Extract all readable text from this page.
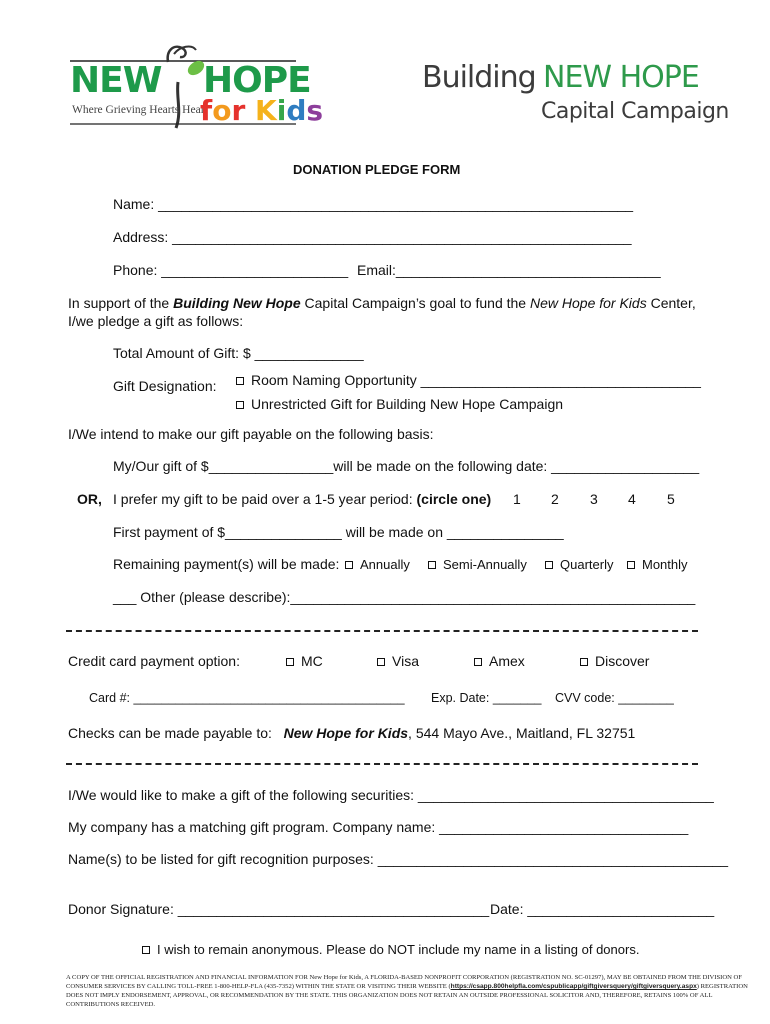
NEW HOPE
Where Grieving Hearts Heal
for Kids
Building NEW HOPE
Capital Campaign
DONATION PLEDGE FORM
Name: _____________________________________________________________
Address: ___________________________________________________________
Phone: ________________________ Email:__________________________________
In support of the Building New Hope Capital Campaign’s goal to fund the New Hope for Kids Center,
I/we pledge a gift as follows:
Total Amount of Gift: $ ______________
Gift Designation:	Room Naming Opportunity ____________________________________
Unrestricted Gift for Building New Hope Campaign
I/We intend to make our gift payable on the following basis:
My/Our gift of $________________will be made on the following date: ___________________
OR, I prefer my gift to be paid over a 1-5 year period: (circle one) 1 2 3 4 5
First payment of $_______________ will be made on _______________
Remaining payment(s) will be made:	Annually	Semi-Annually	Quarterly	Monthly
___ Other (please describe):____________________________________________________
Credit card payment option:	MC	Visa	Amex	Discover
Card #: _______________________________________ Exp. Date: _______ CVV code: ________
Checks can be made payable to: New Hope for Kids, 544 Mayo Ave., Maitland, FL 32751
I/We would like to make a gift of the following securities: ______________________________________
My company has a matching gift program. Company name: ________________________________
Name(s) to be listed for gift recognition purposes: _____________________________________________
Donor Signature: ________________________________________ Date: ________________________
I wish to remain anonymous. Please do NOT include my name in a listing of donors.
A COPY OF THE OFFICIAL REGISTRATION AND FINANCIAL INFORMATION FOR New Hope for Kids, A FLORIDA-BASED NONPROFIT CORPORATION (REGISTRATION NO. SC-01297), MAY BE OBTAINED FROM THE DIVISION OF CONSUMER SERVICES BY CALLING TOLL-FREE 1-800-HELP-FLA (435-7352) WITHIN THE STATE OR VISITING THEIR WEBSITE (https://csapp.800helpfla.com/cspublicapp/giftgiversquery/giftgiversquery.aspx) REGISTRATION DOES NOT IMPLY ENDORSEMENT, APPROVAL, OR RECOMMENDATION BY THE STATE. THIS ORGANIZATION DOES NOT RETAIN AN OUTSIDE PROFESSIONAL SOLICITOR AND, THEREFORE, RETAINS 100% OF ALL CONTRIBUTIONS RECEIVED.
